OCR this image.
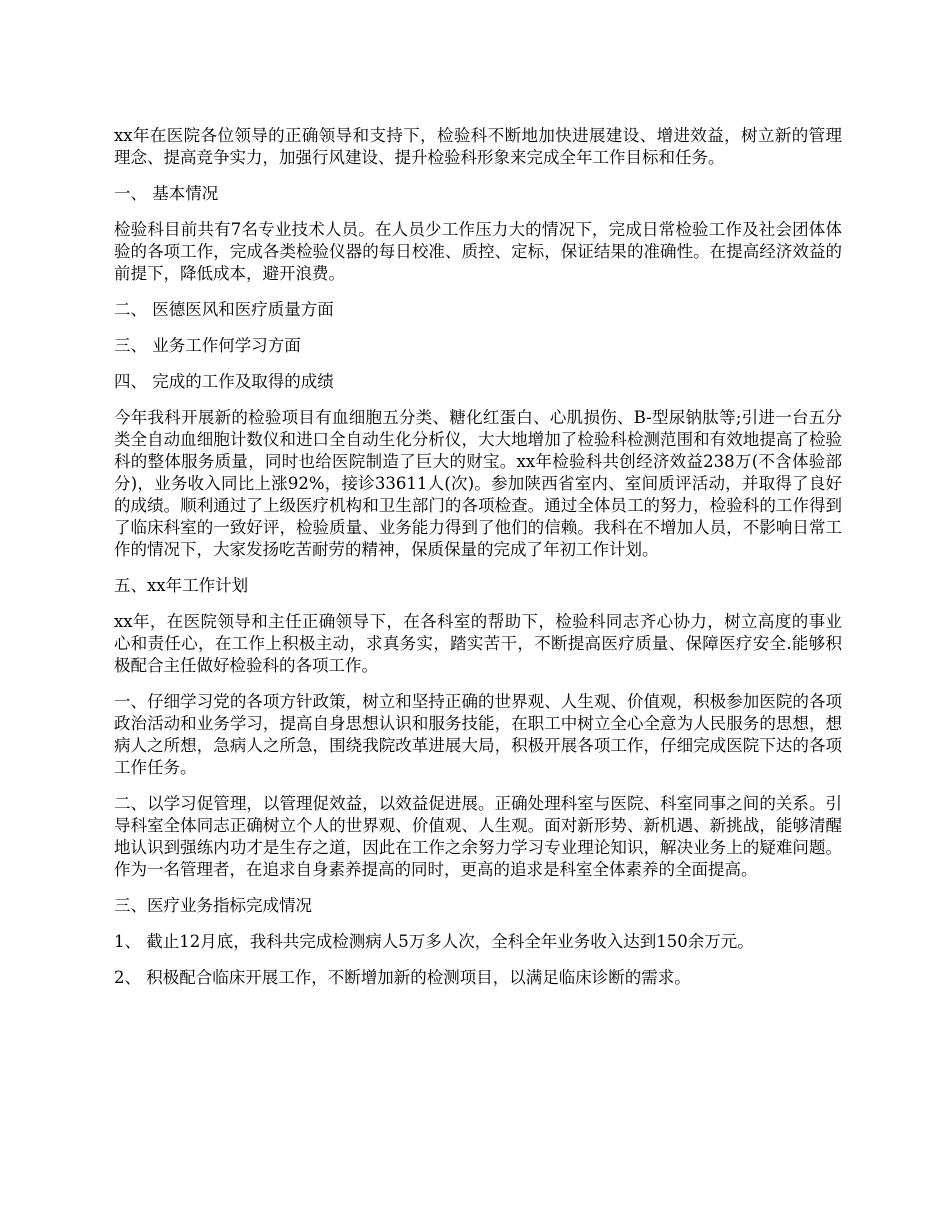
xx年在医院各位领导的正确领导和支持下，检验科不断地加快进展建设、增进效益，树立新的管理理念、提高竞争实力，加强行风建设、提升检验科形象来完成全年工作目标和任务。

一、 基本情况

检验科目前共有7名专业技术人员。在人员少工作压力大的情况下，完成日常检验工作及社会团体体验的各项工作，完成各类检验仪器的每日校准、质控、定标，保证结果的准确性。在提高经济效益的前提下，降低成本，避开浪费。

二、 医德医风和医疗质量方面

三、 业务工作何学习方面

四、 完成的工作及取得的成绩

今年我科开展新的检验项目有血细胞五分类、糖化红蛋白、心肌损伤、B-型尿钠肽等;引进一台五分类全自动血细胞计数仪和进口全自动生化分析仪，大大地增加了检验科检测范围和有效地提高了检验科的整体服务质量，同时也给医院制造了巨大的财宝。xx年检验科共创经济效益238万(不含体验部分)，业务收入同比上涨92%，接诊33611人(次)。参加陕西省室内、室间质评活动，并取得了良好的成绩。顺利通过了上级医疗机构和卫生部门的各项检查。通过全体员工的努力，检验科的工作得到了临床科室的一致好评，检验质量、业务能力得到了他们的信赖。我科在不增加人员，不影响日常工作的情况下，大家发扬吃苦耐劳的精神，保质保量的完成了年初工作计划。

五、xx年工作计划

xx年，在医院领导和主任正确领导下，在各科室的帮助下，检验科同志齐心协力，树立高度的事业心和责任心，在工作上积极主动，求真务实，踏实苦干，不断提高医疗质量、保障医疗安全.能够积极配合主任做好检验科的各项工作。

一、仔细学习党的各项方针政策，树立和坚持正确的世界观、人生观、价值观，积极参加医院的各项政治活动和业务学习，提高自身思想认识和服务技能，在职工中树立全心全意为人民服务的思想，想病人之所想，急病人之所急，围绕我院改革进展大局，积极开展各项工作，仔细完成医院下达的各项工作任务。

二、以学习促管理，以管理促效益，以效益促进展。正确处理科室与医院、科室同事之间的关系。引导科室全体同志正确树立个人的世界观、价值观、人生观。面对新形势、新机遇、新挑战，能够清醒地认识到强练内功才是生存之道，因此在工作之余努力学习专业理论知识，解决业务上的疑难问题。作为一名管理者，在追求自身素养提高的同时，更高的追求是科室全体素养的全面提高。

三、医疗业务指标完成情况

1、 截止12月底，我科共完成检测病人5万多人次，全科全年业务收入达到150余万元。

2、 积极配合临床开展工作，不断增加新的检测项目，以满足临床诊断的需求。
